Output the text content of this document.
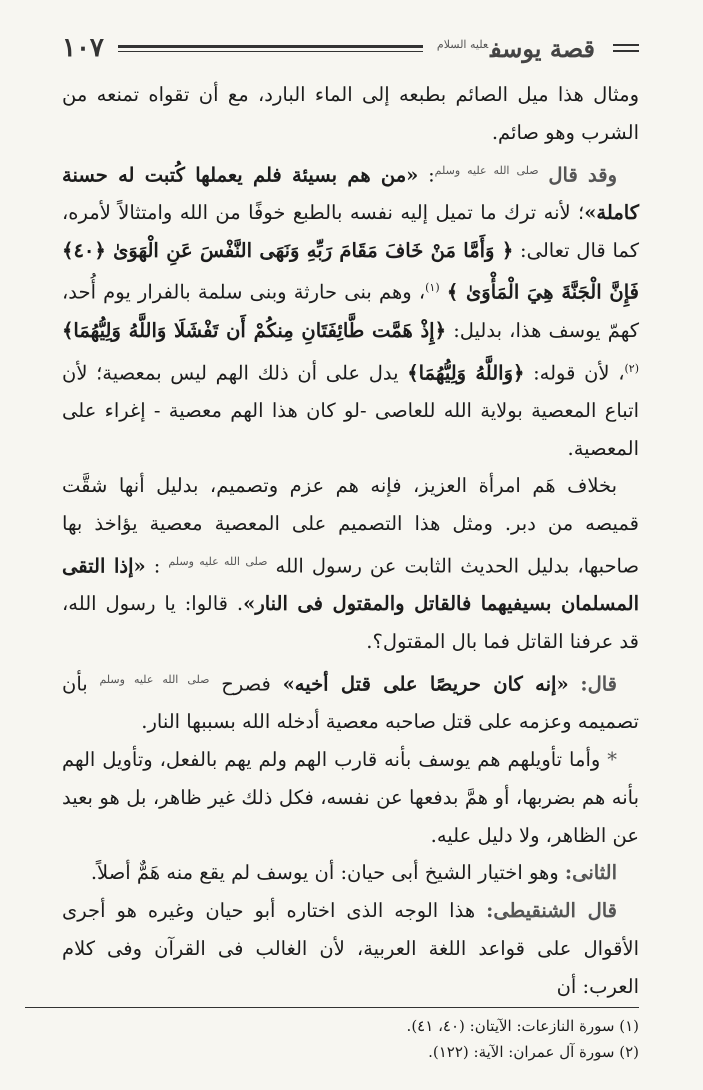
قصة يوسف$^{عليه السلام}$
١٠٧

ومثال هذا ميل الصائم بطبعه إلى الماء البارد، مع أن تقواه تمنعه من الشرب وهو صائم.

وقد قال $^{صلى الله عليه وسلم}$: «من هم بسيئة فلم يعملها كُتبت له حسنة كاملة»؛ لأنه ترك ما تميل إليه نفسه بالطبع خوفًا من الله وامتثالاً لأمره، كما قال تعالى: ﴿ وَأَمَّا مَنْ خَافَ مَقَامَ رَبِّهِ وَنَهَى النَّفْسَ عَنِ الْهَوَىٰ ﴿٤٠﴾ فَإِنَّ الْجَنَّةَ هِيَ الْمَأْوَىٰ ﴾ $^{(١)}$، وهم بنى حارثة وبنى سلمة بالفرار يوم أُحد، كهمّ يوسف هذا، بدليل: ﴿إِذْ هَمَّت طَّائِفَتَانِ مِنكُمْ أَن تَفْشَلَا وَاللَّهُ وَلِيُّهُمَا﴾ $^{(٢)}$، لأن قوله: ﴿وَاللَّهُ وَلِيُّهُمَا﴾ يدل على أن ذلك الهم ليس بمعصية؛ لأن اتباع المعصية بولاية الله للعاصى -لو كان هذا الهم معصية - إغراء على المعصية.

بخلاف هَم امرأة العزيز، فإنه هم عزم وتصميم، بدليل أنها شقَّت قميصه من دبر. ومثل هذا التصميم على المعصية معصية يؤاخذ بها صاحبها، بدليل الحديث الثابت عن رسول الله $^{صلى الله عليه وسلم}$ : «إذا التقى المسلمان بسيفيهما فالقاتل والمقتول فى النار». قالوا: يا رسول الله، قد عرفنا القاتل فما بال المقتول؟.

قال: «إنه كان حريصًا على قتل أخيه» فصرح $^{صلى الله عليه وسلم}$ بأن تصميمه وعزمه على قتل صاحبه معصية أدخله الله بسببها النار.

* وأما تأويلهم هم يوسف بأنه قارب الهم ولم يهم بالفعل، وتأويل الهم بأنه هم بضربها، أو همَّ بدفعها عن نفسه، فكل ذلك غير ظاهر، بل هو بعيد عن الظاهر، ولا دليل عليه.

الثانى: وهو اختيار الشيخ أبى حيان: أن يوسف لم يقع منه هَمٌّ أصلاً.

قال الشنقيطى: هذا الوجه الذى اختاره أبو حيان وغيره هو أجرى الأقوال على قواعد اللغة العربية، لأن الغالب فى القرآن وفى كلام العرب: أن

(١) سورة النازعات: الآيتان: (٤٠، ٤١).

(٢) سورة آل عمران: الآية: (١٢٢).
